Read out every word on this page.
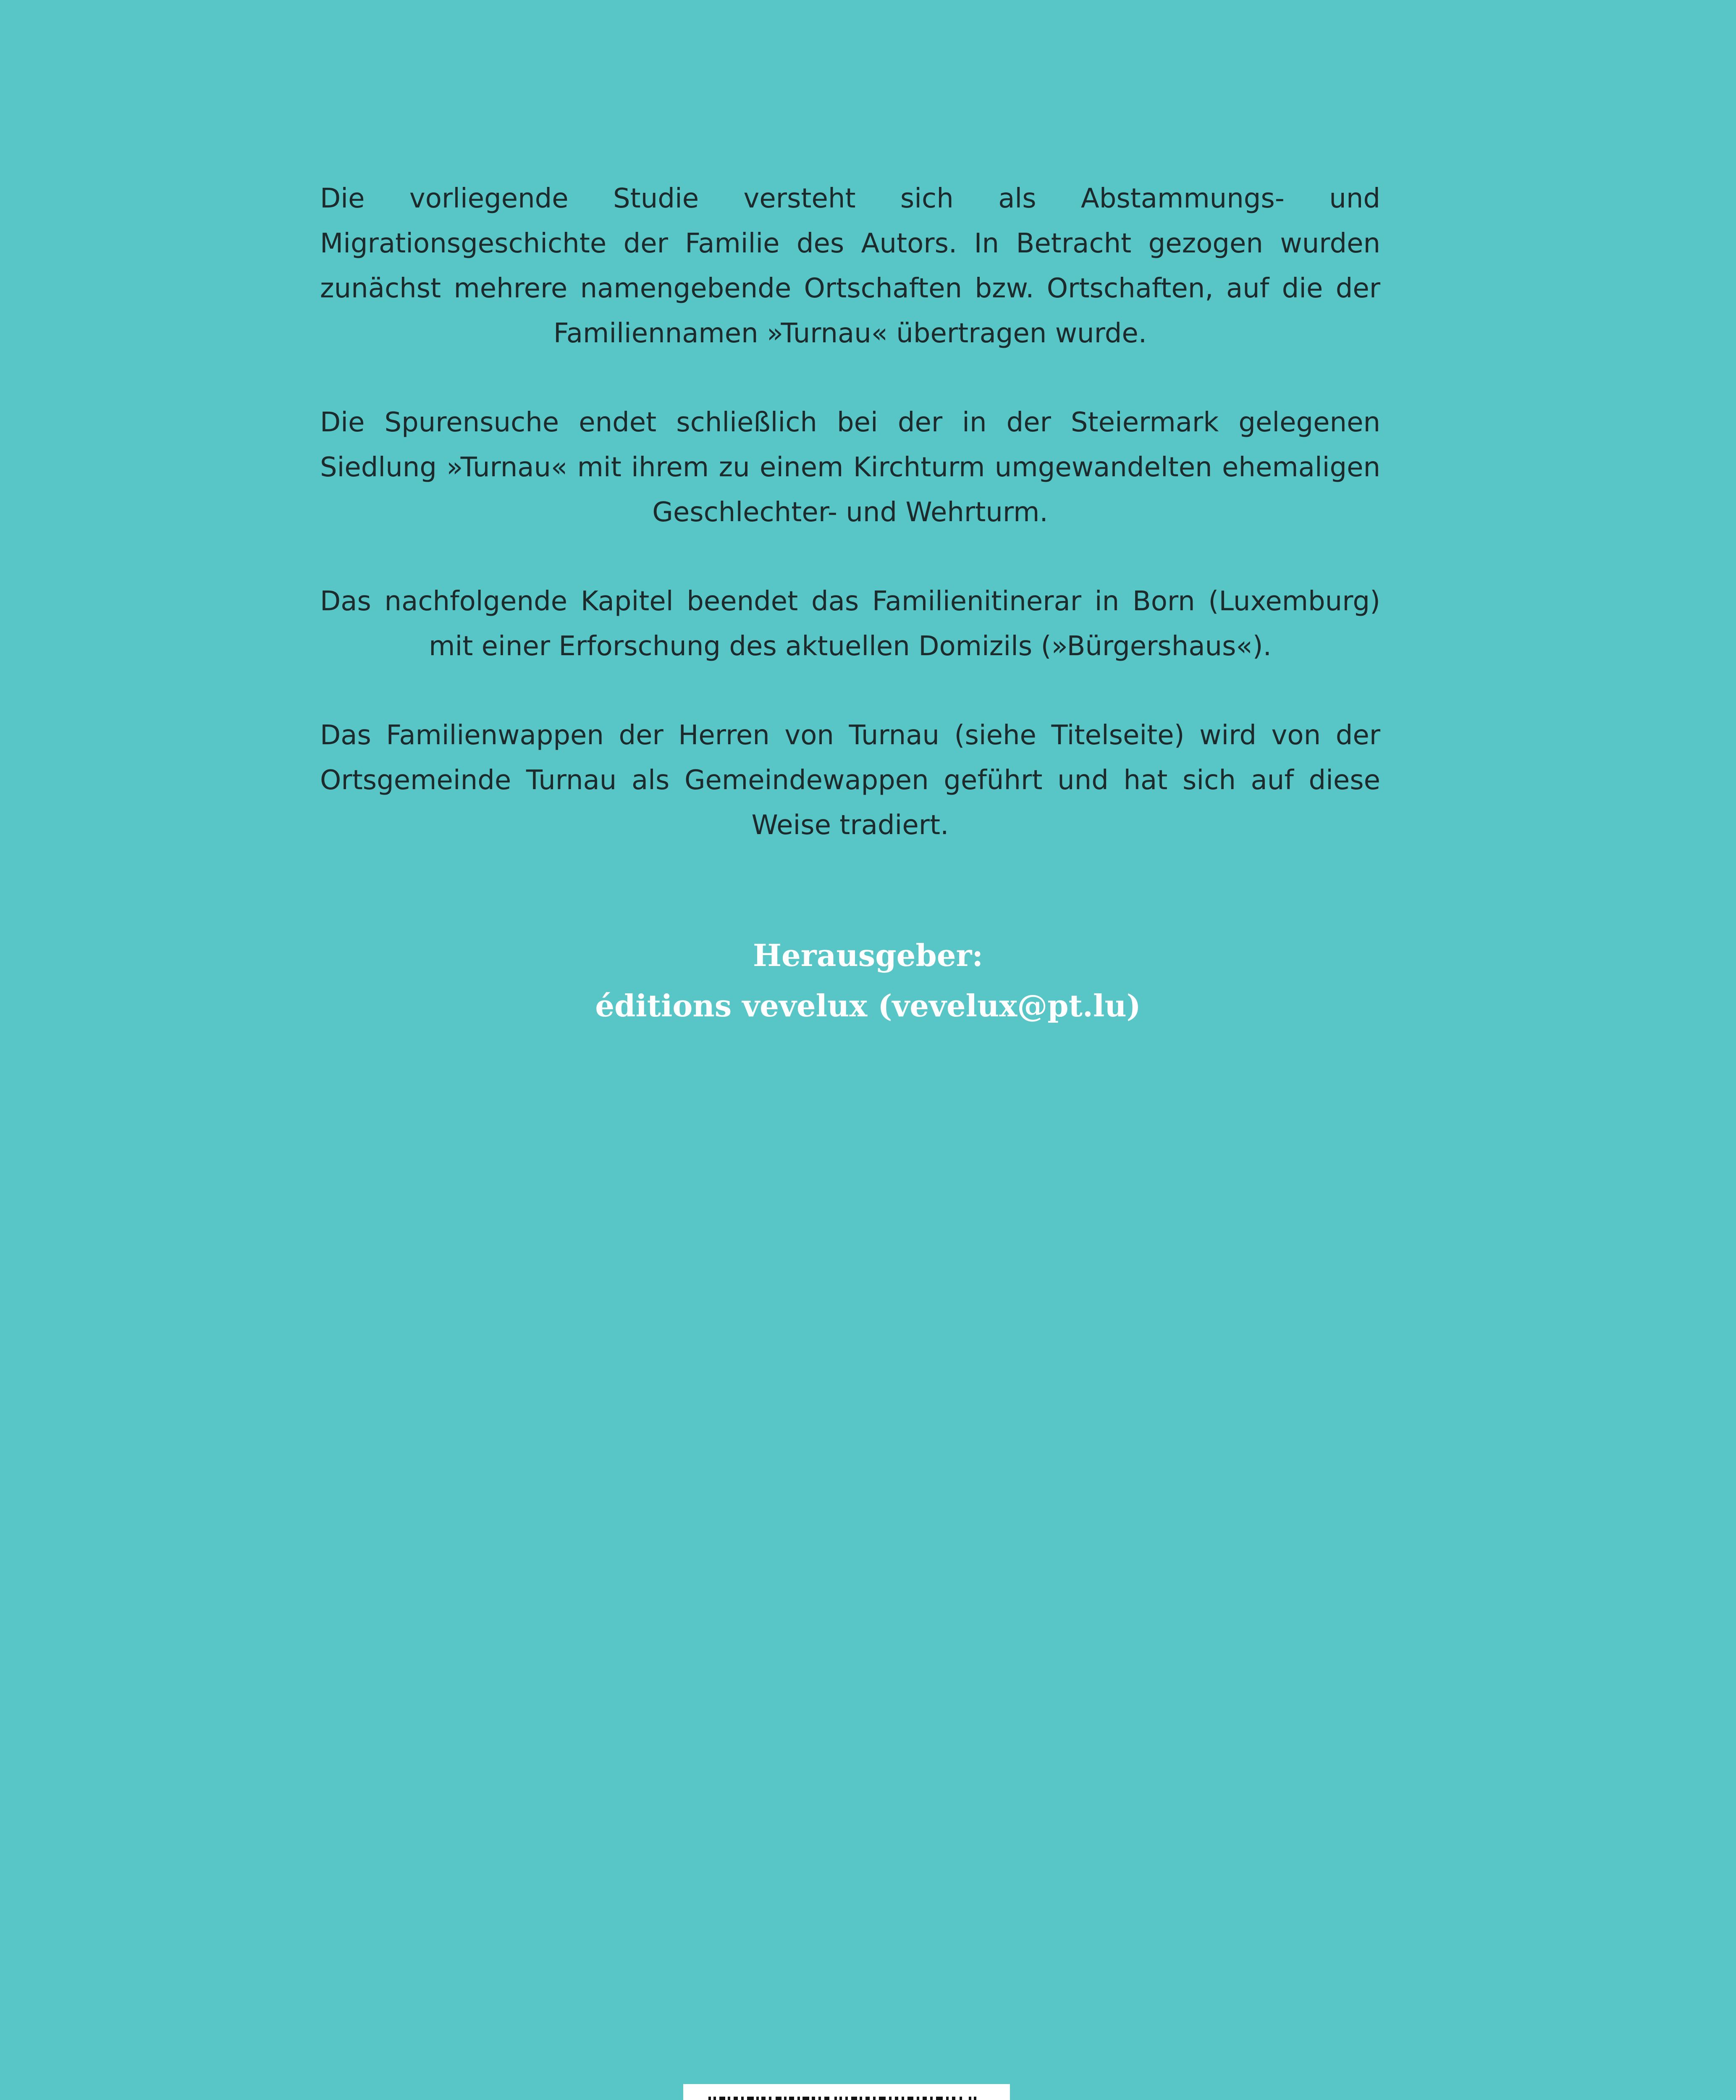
Die vorliegende Studie versteht sich als Abstammungs- und Migrationsgeschichte der Familie des Autors. In Betracht gezogen wurden zunächst mehrere namengebende Ortschaften bzw. Ortschaften, auf die der Familiennamen »Turnau« übertragen wurde.

Die Spurensuche endet schließlich bei der in der Steiermark gelegenen Siedlung »Turnau« mit ihrem zu einem Kirchturm umgewandelten ehemaligen Geschlechter- und Wehrturm.

Das nachfolgende Kapitel beendet das Familienitinerar in Born (Luxemburg) mit einer Erforschung des aktuellen Domizils (»Bürgershaus«).

Das Familienwappen der Herren von Turnau (siehe Titelseite) wird von der Ortsgemeinde Turnau als Gemeindewappen geführt und hat sich auf diese Weise tradiert.

Herausgeber:
éditions vevelux (vevelux@pt.lu)
